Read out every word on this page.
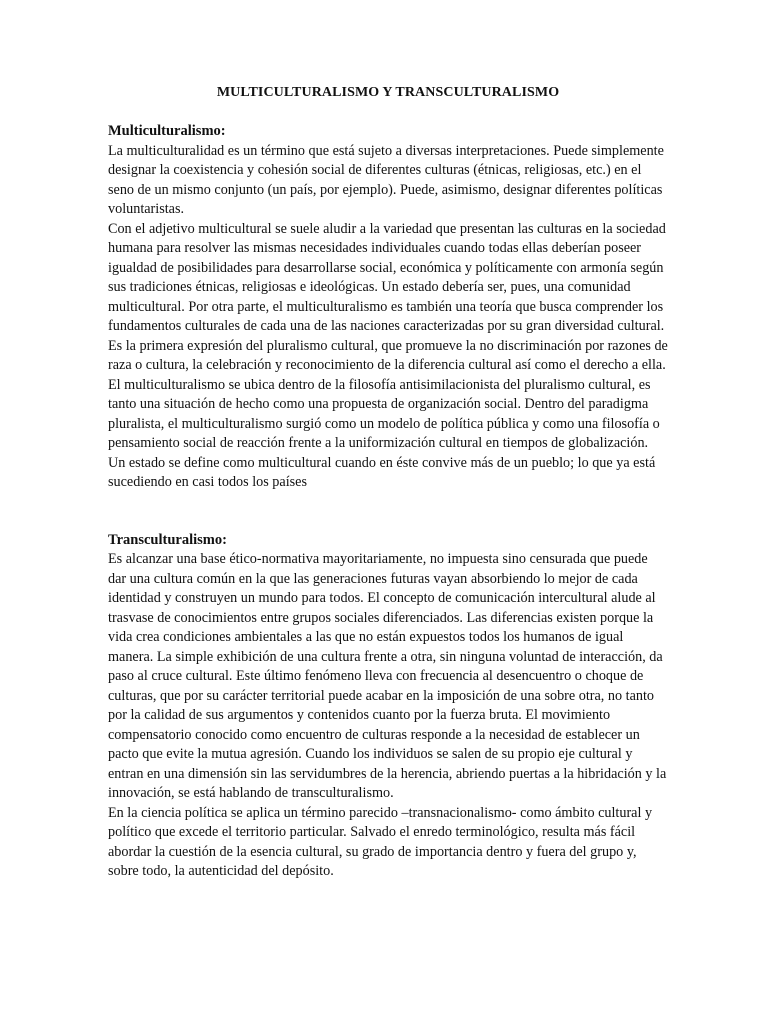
MULTICULTURALISMO Y TRANSCULTURALISMO
Multiculturalismo:

La multiculturalidad es un término que está sujeto a diversas interpretaciones. Puede simplemente designar la coexistencia y cohesión social de diferentes culturas (étnicas, religiosas, etc.) en el seno de un mismo conjunto (un país, por ejemplo). Puede, asimismo, designar diferentes políticas voluntaristas.

Con el adjetivo multicultural se suele aludir a la variedad que presentan las culturas en la sociedad humana para resolver las mismas necesidades individuales cuando todas ellas deberían poseer igualdad de posibilidades para desarrollarse social, económica y políticamente con armonía según sus tradiciones étnicas, religiosas e ideológicas. Un estado debería ser, pues, una comunidad multicultural. Por otra parte, el multiculturalismo es también una teoría que busca comprender los fundamentos culturales de cada una de las naciones caracterizadas por su gran diversidad cultural.

Es la primera expresión del pluralismo cultural, que promueve la no discriminación por razones de raza o cultura, la celebración y reconocimiento de la diferencia cultural así como el derecho a ella. El multiculturalismo se ubica dentro de la filosofía antisimilacionista del pluralismo cultural, es tanto una situación de hecho como una propuesta de organización social. Dentro del paradigma pluralista, el multiculturalismo surgió como un modelo de política pública y como una filosofía o pensamiento social de reacción frente a la uniformización cultural en tiempos de globalización. Un estado se define como multicultural cuando en éste convive más de un pueblo; lo que ya está sucediendo en casi todos los países

Transculturalismo:

Es alcanzar una base ético-normativa mayoritariamente, no impuesta sino censurada que puede dar una cultura común en la que las generaciones futuras vayan absorbiendo lo mejor de cada identidad y construyen un mundo para todos. El concepto de comunicación intercultural alude al trasvase de conocimientos entre grupos sociales diferenciados. Las diferencias existen porque la vida crea condiciones ambientales a las que no están expuestos todos los humanos de igual manera. La simple exhibición de una cultura frente a otra, sin ninguna voluntad de interacción, da paso al cruce cultural. Este último fenómeno lleva con frecuencia al desencuentro o choque de culturas, que por su carácter territorial puede acabar en la imposición de una sobre otra, no tanto por la calidad de sus argumentos y contenidos cuanto por la fuerza bruta. El movimiento compensatorio conocido como encuentro de culturas responde a la necesidad de establecer un pacto que evite la mutua agresión. Cuando los individuos se salen de su propio eje cultural y entran en una dimensión sin las servidumbres de la herencia, abriendo puertas a la hibridación y la innovación, se está hablando de transculturalismo.

En la ciencia política se aplica un término parecido –transnacionalismo- como ámbito cultural y político que excede el territorio particular. Salvado el enredo terminológico, resulta más fácil abordar la cuestión de la esencia cultural, su grado de importancia dentro y fuera del grupo y, sobre todo, la autenticidad del depósito.
